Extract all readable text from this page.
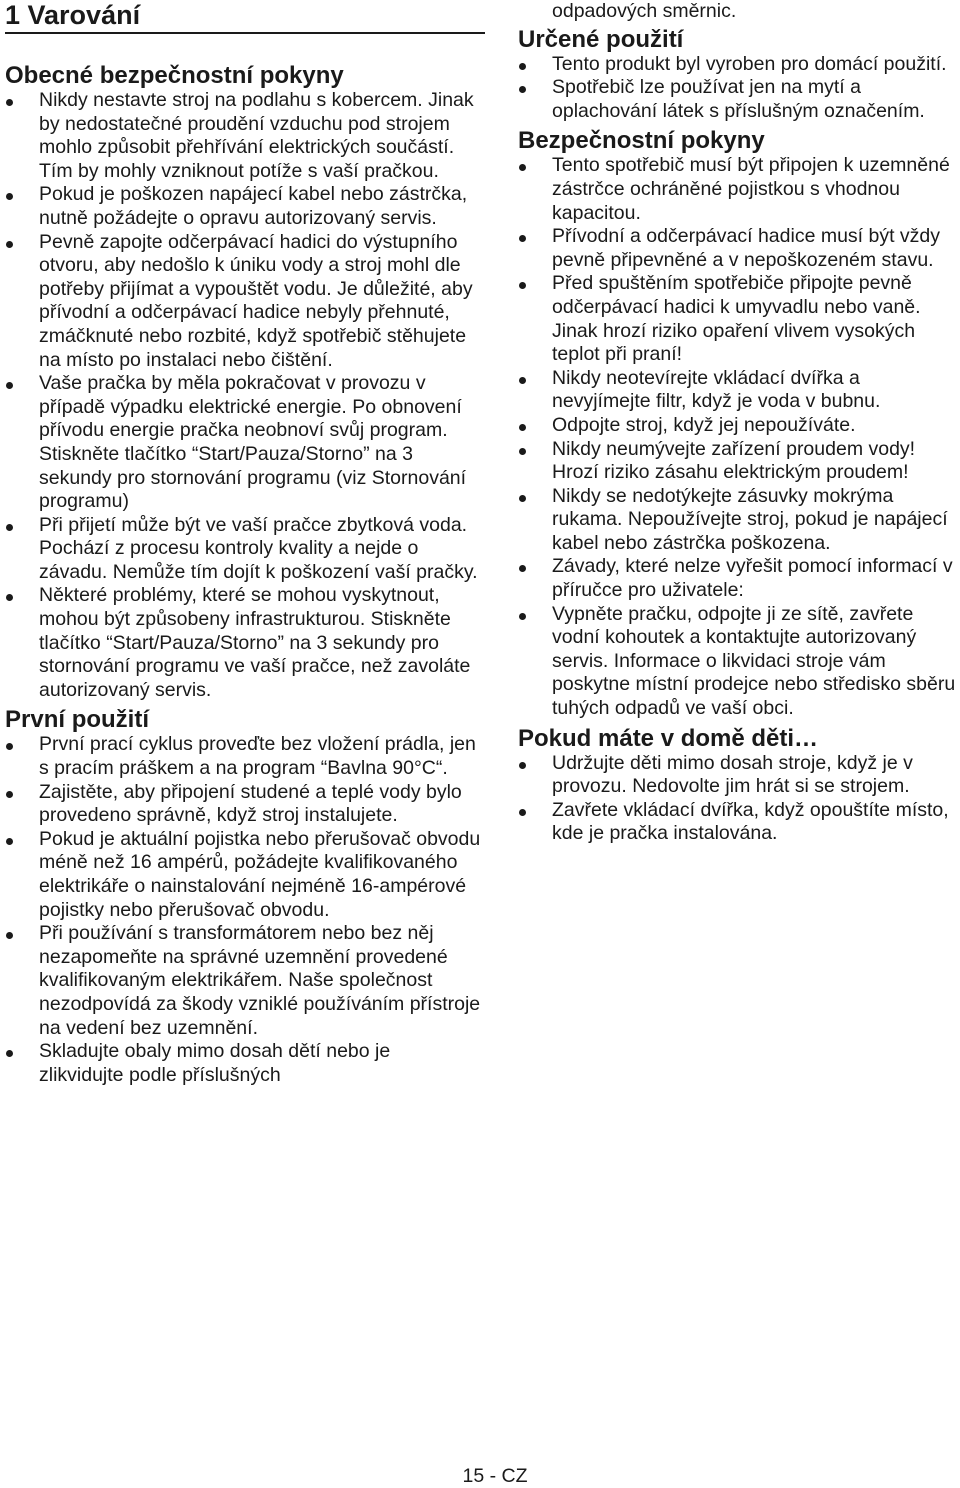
1 Varování
Obecné bezpečnostní pokyny
Nikdy nestavte stroj na podlahu s kobercem. Jinak by nedostatečné proudění vzduchu pod strojem mohlo způsobit přehřívání elektrických součástí. Tím by mohly vzniknout potíže s vaší pračkou.
Pokud je poškozen napájecí kabel nebo zástrčka, nutně požádejte o opravu autorizovaný servis.
Pevně zapojte odčerpávací hadici do výstupního otvoru, aby nedošlo k úniku vody a stroj mohl dle potřeby přijímat a vypouštět vodu. Je důležité, aby přívodní a odčerpávací hadice nebyly přehnuté, zmáčknuté nebo rozbité, když spotřebič stěhujete na místo po instalaci nebo čištění.
Vaše pračka by měla pokračovat v provozu v případě výpadku elektrické energie. Po obnovení přívodu energie pračka neobnoví svůj program. Stiskněte tlačítko “Start/Pauza/Storno” na 3 sekundy pro stornování programu (viz Stornování programu)
Při přijetí může být ve vaší pračce zbytková voda. Pochází z procesu kontroly kvality a nejde o závadu. Nemůže tím dojít k poškození vaší pračky.
Některé problémy, které se mohou vyskytnout, mohou být způsobeny infrastrukturou. Stiskněte tlačítko “Start/Pauza/Storno” na 3 sekundy pro stornování programu ve vaší pračce, než zavoláte autorizovaný servis.
První použití
První prací cyklus proveďte bez vložení prádla, jen s pracím práškem a na program “Bavlna 90°C“.
Zajistěte, aby připojení studené a teplé vody bylo provedeno správně, když stroj instalujete.
Pokud je aktuální pojistka nebo přerušovač obvodu méně než 16 ampérů, požádejte kvalifikovaného elektrikáře o nainstalování nejméně 16-ampérové pojistky nebo přerušovač obvodu.
Při používání s transformátorem nebo bez něj nezapomeňte na správné uzemnění provedené kvalifikovaným elektrikářem. Naše společnost nezodpovídá za škody vzniklé používáním přístroje na vedení bez uzemnění.
Skladujte obaly mimo dosah dětí nebo je zlikvidujte podle příslušných

odpadových směrnic.

Určené použití
Tento produkt byl vyroben pro domácí použití.
Spotřebič lze používat jen na mytí a oplachování látek s příslušným označením.
Bezpečnostní pokyny
Tento spotřebič musí být připojen k uzemněné zástrčce ochráněné pojistkou s vhodnou kapacitou.
Přívodní a odčerpávací hadice musí být vždy pevně připevněné a v nepoškozeném stavu.
Před spuštěním spotřebiče připojte pevně odčerpávací hadici k umyvadlu nebo vaně. Jinak hrozí riziko opaření vlivem vysokých teplot při praní!
Nikdy neotevírejte vkládací dvířka a nevyjímejte filtr, když je voda v bubnu.
Odpojte stroj, když jej nepoužíváte.
Nikdy neumývejte zařízení proudem vody! Hrozí riziko zásahu elektrickým proudem!
Nikdy se nedotýkejte zásuvky mokrýma rukama. Nepoužívejte stroj, pokud je napájecí kabel nebo zástrčka poškozena.
Závady, které nelze vyřešit pomocí informací v příručce pro uživatele:
Vypněte pračku, odpojte ji ze sítě, zavřete vodní kohoutek a kontaktujte autorizovaný servis. Informace o likvidaci stroje vám poskytne místní prodejce nebo středisko sběru tuhých odpadů ve vaší obci.
Pokud máte v domě děti…
Udržujte děti mimo dosah stroje, když je v provozu. Nedovolte jim hrát si se strojem.
Zavřete vkládací dvířka, když opouštíte místo, kde je pračka instalována.
15 - CZ
